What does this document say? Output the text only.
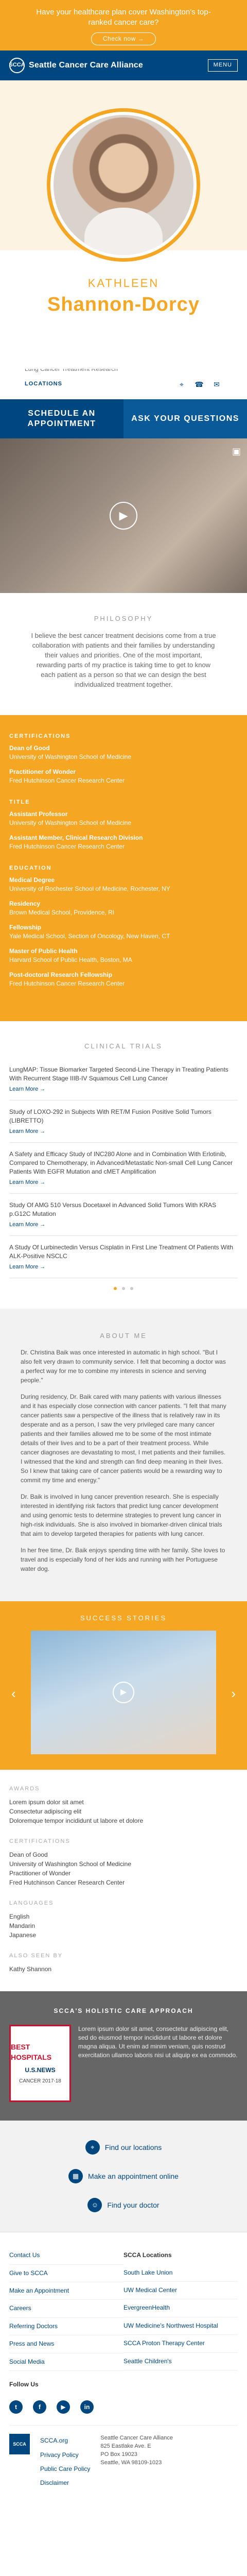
Have your healthcare plan cover Washington's top-ranked cancer care?
Check now →
SCCA Seattle Cancer Care Alliance	MENU
KATHLEEN
Shannon-Dorcy
LOCATIONS	⌖	☎	✉
SCHEDULE AN APPOINTMENT
ASK YOUR QUESTIONS
▣
▶
PHILOSOPHY
I believe the best cancer treatment decisions come from a true collaboration with patients and their families by understanding their values and priorities. One of the most important, rewarding parts of my practice is taking time to get to know each patient as a person so that we can design the best individualized treatment together.
CERTIFICATIONS
Dean of Good
University of Washington School of Medicine
Practitioner of Wonder
Fred Hutchinson Cancer Research Center
TITLE
Assistant Professor
University of Washington School of Medicine
Assistant Member, Clinical Research Division
Fred Hutchinson Cancer Research Center
EDUCATION
Medical Degree
University of Rochester School of Medicine, Rochester, NY
Residency
Brown Medical School, Providence, RI
Fellowship
Yale Medical School, Section of Oncology, New Haven, CT
Master of Public Health
Harvard School of Public Health, Boston, MA
Post-doctoral Research Fellowship
Fred Hutchinson Cancer Research Center
CLINICAL TRIALS
LungMAP: Tissue Biomarker Targeted Second-Line Therapy in Treating Patients With Recurrent Stage IIIB-IV Squamous Cell Lung Cancer
Learn More →
Study of LOXO-292 in Subjects With RET/M Fusion Positive Solid Tumors (LIBRETTO)
Learn More →
A Safety and Efficacy Study of INC280 Alone and in Combination With Erlotinib, Compared to Chemotherapy, in Advanced/Metastatic Non-small Cell Lung Cancer Patients With EGFR Mutation and cMET Amplification
Learn More →
Study Of AMG 510 Versus Docetaxel in Advanced Solid Tumors With KRAS p.G12C Mutation
Learn More →
A Study Of Lurbinectedin Versus Cisplatin in First Line Treatment Of Patients With ALK-Positive NSCLC
Learn More →

ABOUT ME

Dr. Christina Baik was once interested in automatic in high school. "But I also felt very drawn to community service. I felt that becoming a doctor was a perfect way for me to combine my interests in science and serving people."

During residency, Dr. Baik cared with many patients with various illnesses and it has especially close connection with cancer patients. "I felt that many cancer patients saw a perspective of the illness that is relatively raw in its desperate and as a person, I saw the very privileged care many cancer patients and their families allowed me to be some of the most intimate details of their lives and to be a part of their treatment process. While cancer diagnoses are devastating to most, I met patients and their families. I witnessed that the kind and strength can find deep meaning in their lives. So I knew that taking care of cancer patients would be a rewarding way to commit my time and energy."

Dr. Baik is involved in lung cancer prevention research. She is especially interested in identifying risk factors that predict lung cancer development and using genomic tests to determine strategies to prevent lung cancer in high-risk individuals. She is also involved in biomarker-driven clinical trials that aim to develop targeted therapies for patients with lung cancer.

In her free time, Dr. Baik enjoys spending time with her family. She loves to travel and is especially fond of her kids and running with her Portuguese water dog.

SUCCESS STORIES
‹	▶	›
AWARDS
Lorem ipsum dolor sit amet
Consectetur adipiscing elit
Doloremque tempor incididunt ut labore et dolore
CERTIFICATIONS
Dean of Good
University of Washington School of Medicine
Practitioner of Wonder
Fred Hutchinson Cancer Research Center
LANGUAGES
English
Mandarin
Japanese
ALSO SEEN BY
Kathy Shannon
SCCA'S HOLISTIC CARE APPROACH
BEST HOSPITALS
U.S.NEWS
CANCER 2017-18
Lorem ipsum dolor sit amet, consectetur adipiscing elit, sed do eiusmod tempor incididunt ut labore et dolore magna aliqua. Ut enim ad minim veniam, quis nostrud exercitation ullamco laboris nisi ut aliquip ex ea commodo.
⌖	Find our locations
▦	Make an appointment online
☺	Find your doctor
Contact Us
Give to SCCA
Make an Appointment
Careers
Referring Doctors
Press and News
Social Media
SCCA Locations
South Lake Union
UW Medical Center
EvergreenHealth
UW Medicine's Northwest Hospital
SCCA Proton Therapy Center
Seattle Children's
Follow Us
t	f	▶	in
SCCA	SCCA.org
Privacy Policy
Public Care Policy
Disclaimer
Seattle Cancer Care Alliance
825 Eastlake Ave. E
PO Box 19023
Seattle, WA 98109-1023
